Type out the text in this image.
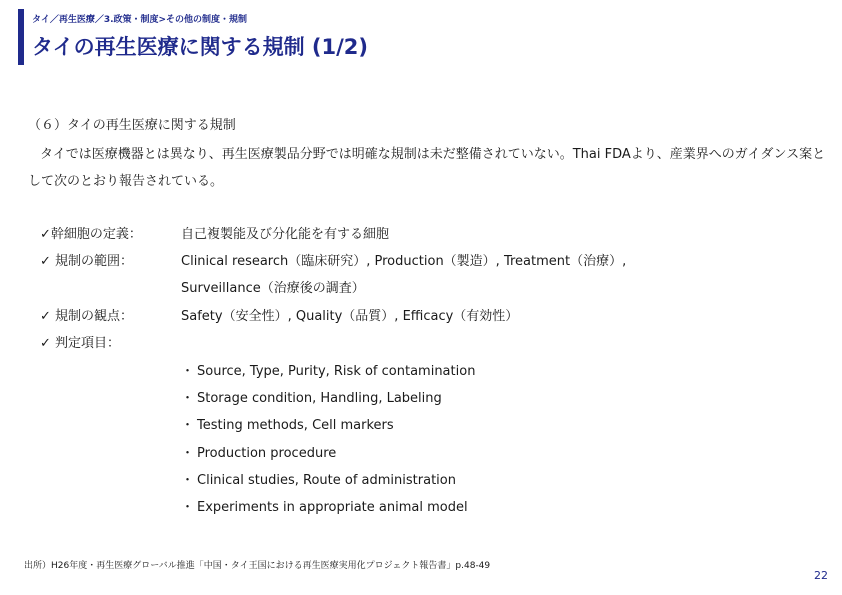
タイ／再生医療／3.政策・制度>その他の制度・規制
タイの再生医療に関する規制 (1/2)
（６）タイの再生医療に関する規制

タイでは医療機器とは異なり、再生医療製品分野では明確な規制は未だ整備されていない。Thai FDAより、産業界へのガイダンス案として次のとおり報告されている。

✓幹細胞の定義：	自己複製能及び分化能を有する細胞
✓ 規制の範囲：	Clinical research（臨床研究）, Production（製造）, Treatment（治療）,
Surveillance（治療後の調査）
✓ 規制の観点：	Safety（安全性）, Quality（品質）, Efficacy（有効性）
✓ 判定項目：
・ Source, Type, Purity, Risk of contamination
・ Storage condition, Handling, Labeling
・ Testing methods, Cell markers
・ Production procedure
・ Clinical studies, Route of administration
・ Experiments in appropriate animal model
出所）H26年度・再生医療グローバル推進「中国・タイ王国における再生医療実用化プロジェクト報告書」p.48-49
22
